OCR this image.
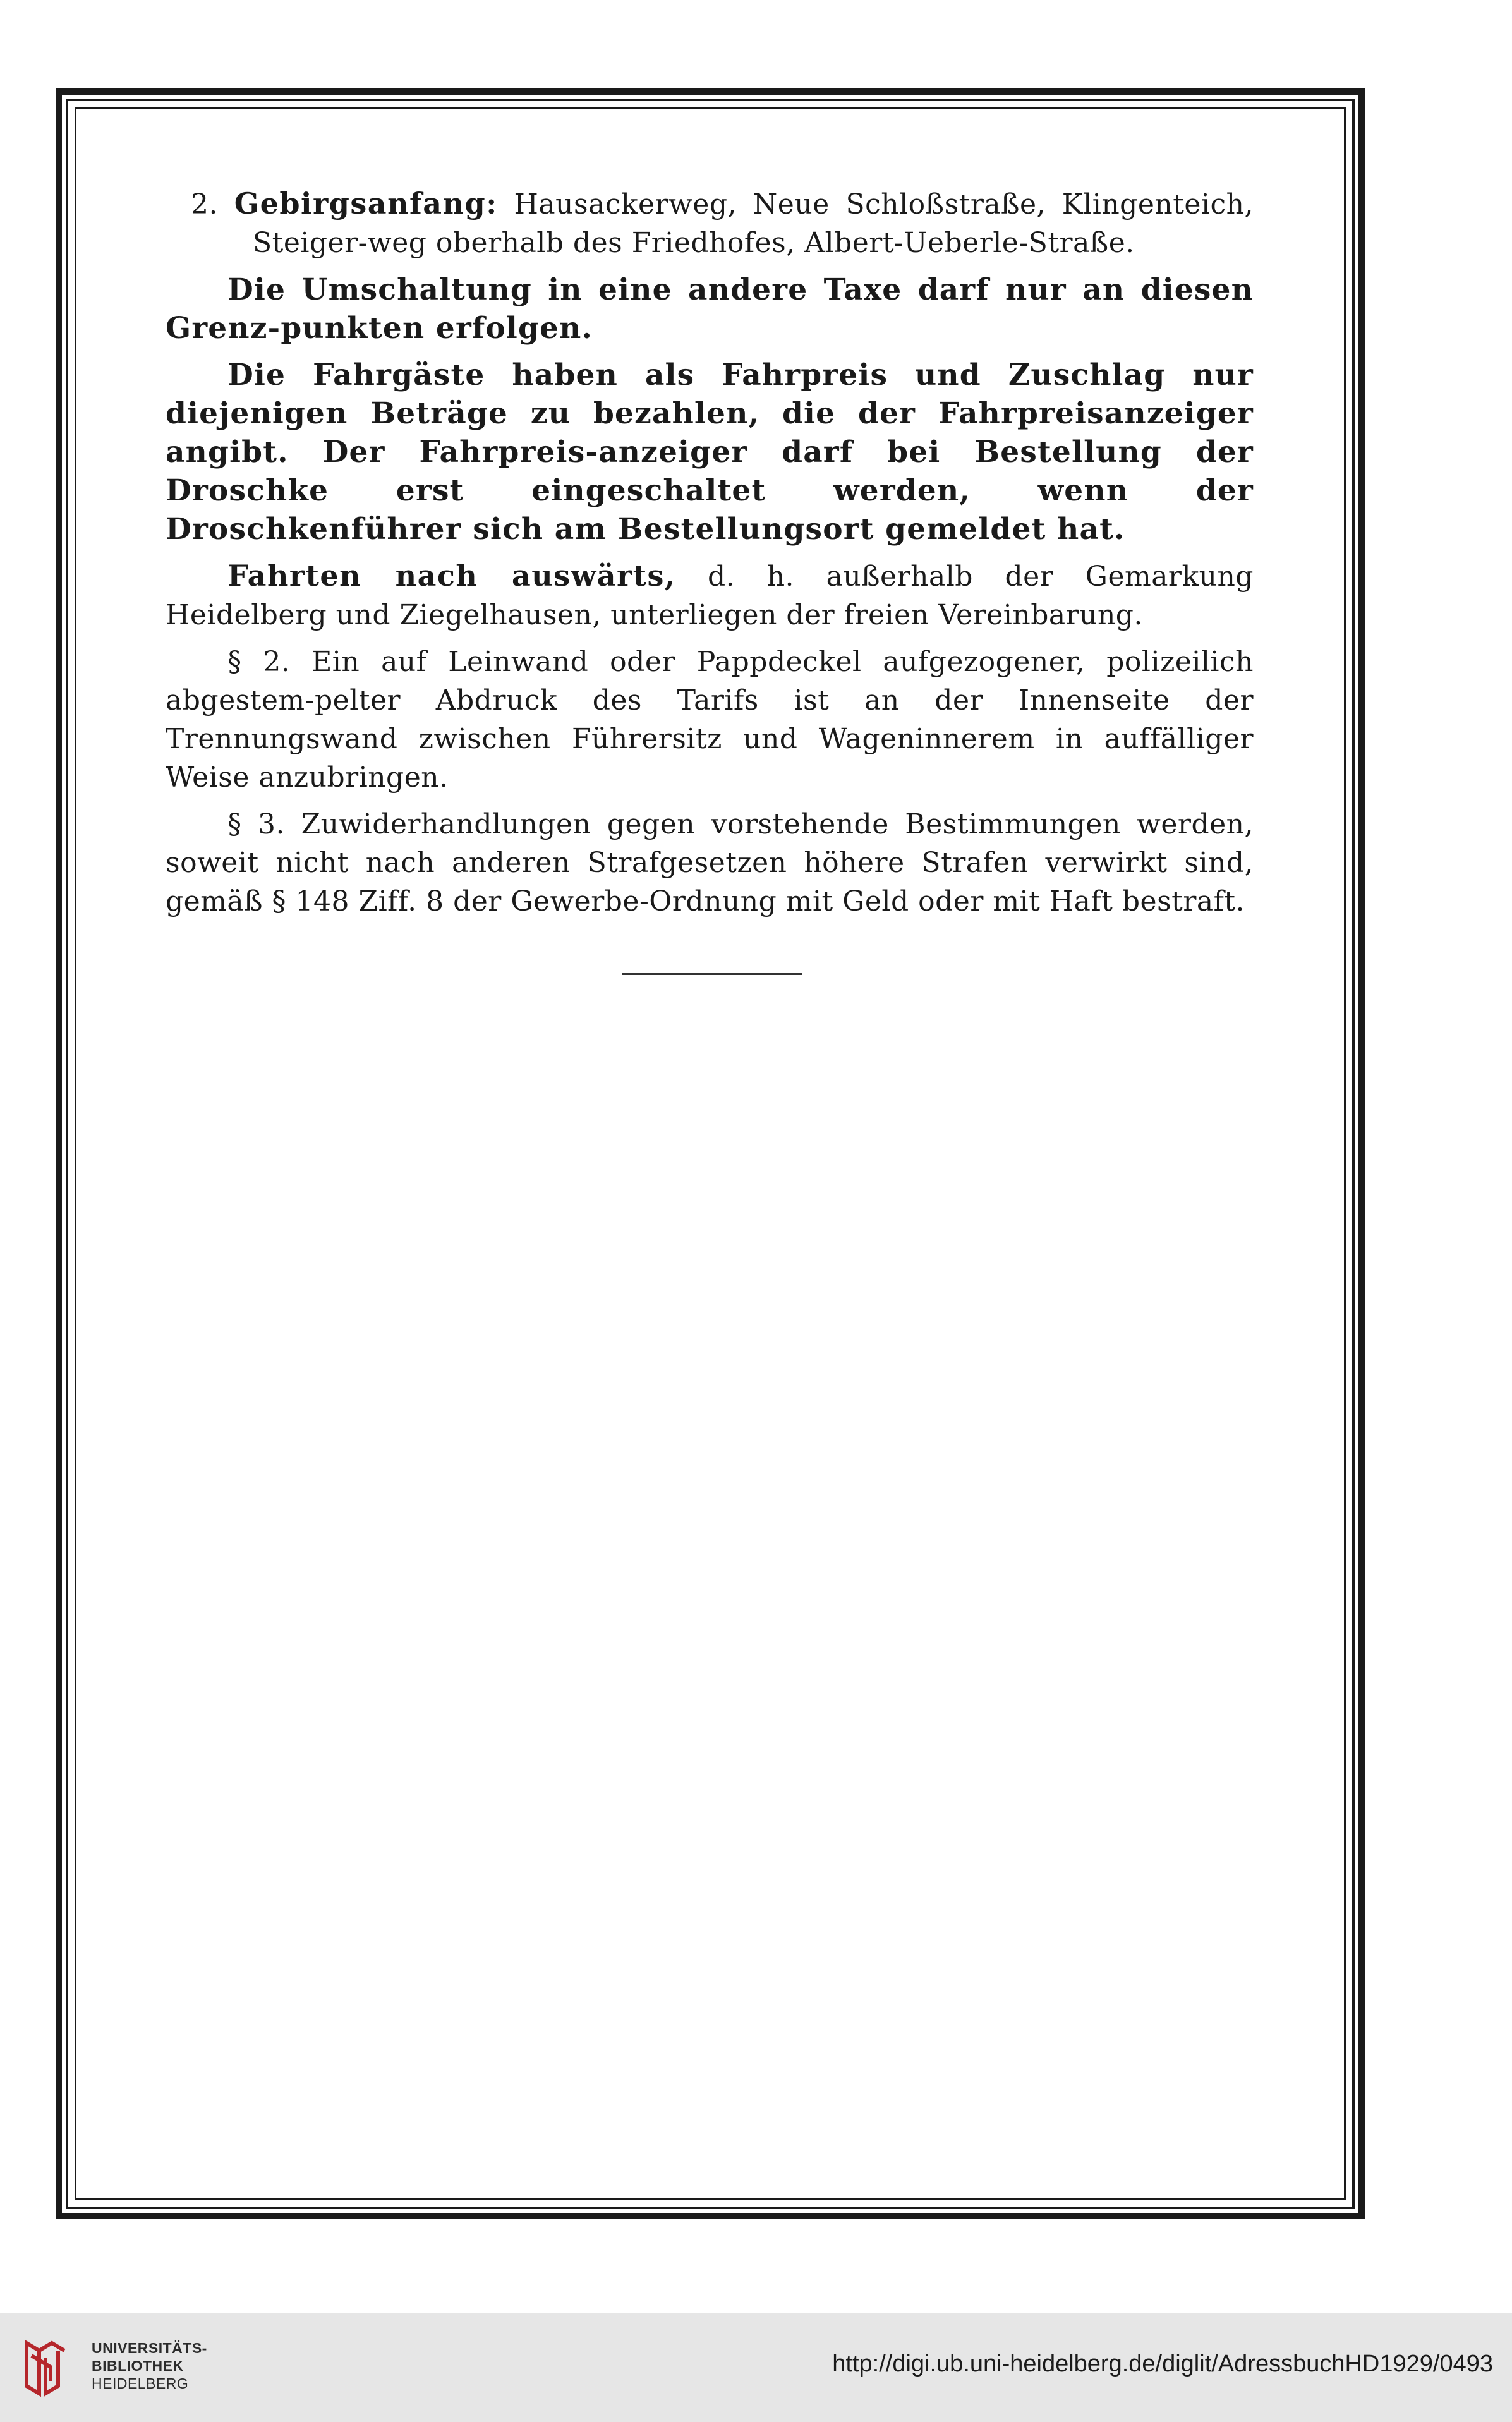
2. Gebirgsanfang: Hausackerweg, Neue Schloßstraße, Klingenteich, Steiger-weg oberhalb des Friedhofes, Albert-Ueberle-Straße.

Die Umschaltung in eine andere Taxe darf nur an diesen Grenz-punkten erfolgen.

Die Fahrgäste haben als Fahrpreis und Zuschlag nur diejenigen Beträge zu bezahlen, die der Fahrpreisanzeiger angibt. Der Fahrpreis-anzeiger darf bei Bestellung der Droschke erst eingeschaltet werden, wenn der Droschkenführer sich am Bestellungsort gemeldet hat.

Fahrten nach auswärts, d. h. außerhalb der Gemarkung Heidelberg und Ziegelhausen, unterliegen der freien Vereinbarung.

§ 2. Ein auf Leinwand oder Pappdeckel aufgezogener, polizeilich abgestem-pelter Abdruck des Tarifs ist an der Innenseite der Trennungswand zwischen Führersitz und Wageninnerem in auffälliger Weise anzubringen.

§ 3. Zuwiderhandlungen gegen vorstehende Bestimmungen werden, soweit nicht nach anderen Strafgesetzen höhere Strafen verwirkt sind, gemäß § 148 Ziff. 8 der Gewerbe-Ordnung mit Geld oder mit Haft bestraft.

UNIVERSITÄTS-
BIBLIOTHEK
HEIDELBERG
http://digi.ub.uni-heidelberg.de/diglit/AdressbuchHD1929/0493
